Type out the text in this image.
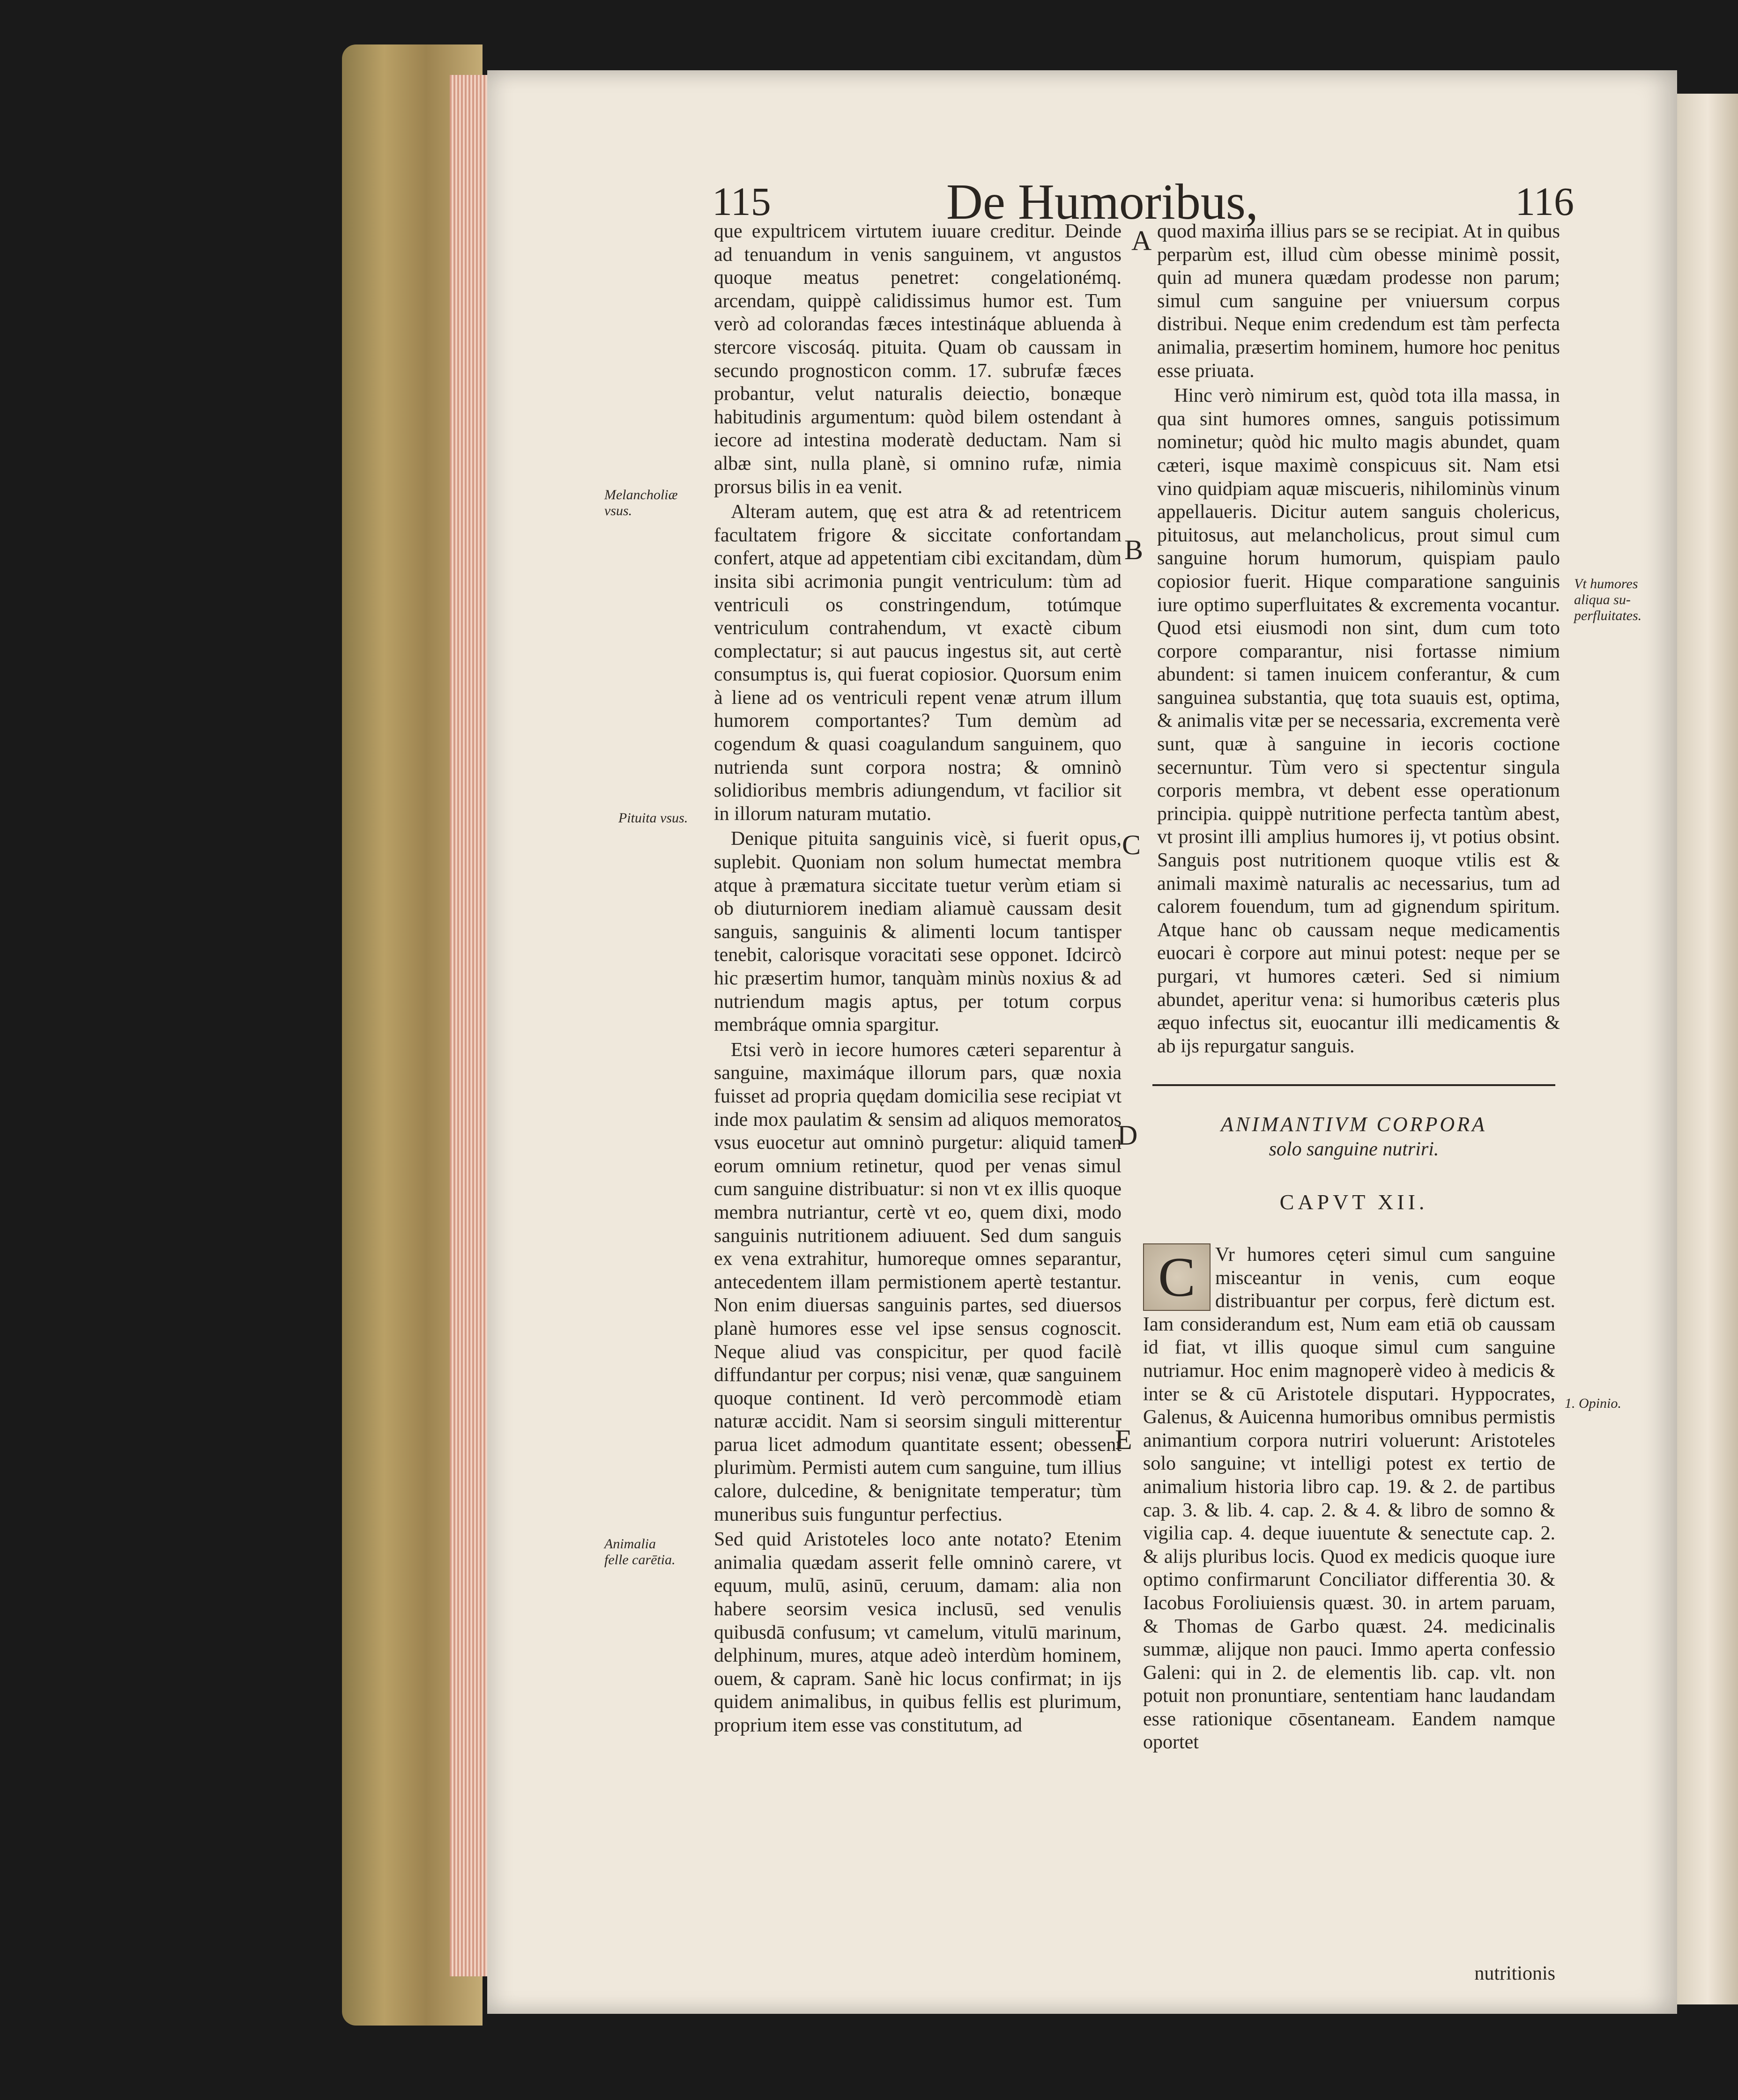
115	De Humoribus,	116

que expultricem virtutem iuuare creditur. Deinde ad tenuandum in venis sanguinem, vt angustos quoque meatus penetret: congelationémq. arcendam, quippè calidissimus humor est. Tum verò ad colorandas fæces intestináque abluenda à stercore viscosáq. pituita. Quam ob caussam in secundo prognosticon comm. 17. subrufæ fæces probantur, velut naturalis deiectio, bonæque habitudinis argumentum: quòd bilem ostendant à iecore ad intestina moderatè deductam. Nam si albæ sint, nulla planè, si omnino rufæ, nimia prorsus bilis in ea venit.

Alteram autem, quę est atra & ad retentricem facultatem frigore & siccitate confortandam confert, atque ad appetentiam cibi excitandam, dùm insita sibi acrimonia pungit ventriculum: tùm ad ventriculi os constringendum, totúmque ventriculum contrahendum, vt exactè cibum complectatur; si aut paucus ingestus sit, aut certè consumptus is, qui fuerat copiosior. Quorsum enim à liene ad os ventriculi repent venæ atrum illum humorem comportantes? Tum demùm ad cogendum & quasi coagulandum sanguinem, quo nutrienda sunt corpora nostra; & omninò solidioribus membris adiungendum, vt facilior sit in illorum naturam mutatio.

Denique pituita sanguinis vicè, si fuerit opus, suplebit. Quoniam non solum humectat membra atque à præmatura siccitate tuetur verùm etiam si ob diuturniorem inediam aliamuè caussam desit sanguis, sanguinis & alimenti locum tantisper tenebit, calorisque voracitati sese opponet. Idcircò hic præsertim humor, tanquàm minùs noxius & ad nutriendum magis aptus, per totum corpus membráque omnia spargitur.

Etsi verò in iecore humores cæteri separentur à sanguine, maximáque illorum pars, quæ noxia fuisset ad propria quędam domicilia sese recipiat vt inde mox paulatim & sensim ad aliquos memoratos vsus euocetur aut omninò purgetur: aliquid tamen eorum omnium retinetur, quod per venas simul cum sanguine distribuatur: si non vt ex illis quoque membra nutriantur, certè vt eo, quem dixi, modo sanguinis nutritionem adiuuent. Sed dum sanguis ex vena extrahitur, humoreque omnes separantur, antecedentem illam permistionem apertè testantur. Non enim diuersas sanguinis partes, sed diuersos planè humores esse vel ipse sensus cognoscit. Neque aliud vas conspicitur, per quod facilè diffundantur per corpus; nisi venæ, quæ sanguinem quoque continent. Id verò percommodè etiam naturæ accidit. Nam si seorsim singuli mitterentur parua licet admodum quantitate essent; obessent plurimùm. Permisti autem cum sanguine, tum illius calore, dulcedine, & benignitate temperatur; tùm muneribus suis funguntur perfectius.

Sed quid Aristoteles loco ante notato? Etenim animalia quædam asserit felle omninò carere, vt equum, mulū, asinū, ceruum, damam: alia non habere seorsim vesica inclusū, sed venulis quibusdā confusum; vt camelum, vitulū marinum, delphinum, mures, atque adeò interdùm hominem, ouem, & capram. Sanè hic locus confirmat; in ijs quidem animalibus, in quibus fellis est plurimum, proprium item esse vas constitutum, ad

quod maxima illius pars se se recipiat. At in quibus perparùm est, illud cùm obesse minimè possit, quin ad munera quædam prodesse non parum; simul cum sanguine per vniuersum corpus distribui. Neque enim credendum est tàm perfecta animalia, præsertim hominem, humore hoc penitus esse priuata.

Hinc verò nimirum est, quòd tota illa massa, in qua sint humores omnes, sanguis potissimum nominetur; quòd hic multo magis abundet, quam cæteri, isque maximè conspicuus sit. Nam etsi vino quidpiam aquæ miscueris, nihilominùs vinum appellaueris. Dicitur autem sanguis cholericus, pituitosus, aut melancholicus, prout simul cum sanguine horum humorum, quispiam paulo copiosior fuerit. Hique comparatione sanguinis iure optimo superfluitates & excrementa vocantur. Quod etsi eiusmodi non sint, dum cum toto corpore comparantur, nisi fortasse nimium abundent: si tamen inuicem conferantur, & cum sanguinea substantia, quę tota suauis est, optima, & animalis vitæ per se necessaria, excrementa verè sunt, quæ à sanguine in iecoris coctione secernuntur. Tùm vero si spectentur singula corporis membra, vt debent esse operationum principia. quippè nutritione perfecta tantùm abest, vt prosint illi amplius humores ij, vt potius obsint. Sanguis post nutritionem quoque vtilis est & animali maximè naturalis ac necessarius, tum ad calorem fouendum, tum ad gignendum spiritum. Atque hanc ob caussam neque medicamentis euocari è corpore aut minui potest: neque per se purgari, vt humores cæteri. Sed si nimium abundet, aperitur vena: si humoribus cæteris plus æquo infectus sit, euocantur illi medicamentis & ab ijs repurgatur sanguis.

ANIMANTIVM CORPORA
solo sanguine nutriri.
CAPVT XII.
C Vr humores cęteri simul cum sanguine misceantur in venis, cum eoque distribuantur per corpus, ferè dictum est. Iam considerandum est, Num eam etiā ob caussam id fiat, vt illis quoque simul cum sanguine nutriamur. Hoc enim magnoperè video à medicis & inter se & cū Aristotele disputari. Hyppocrates, Galenus, & Auicenna humoribus omnibus permistis animantium corpora nutriri voluerunt: Aristoteles solo sanguine; vt intelligi potest ex tertio de animalium historia libro cap. 19. & 2. de partibus cap. 3. & lib. 4. cap. 2. & 4. & libro de somno & vigilia cap. 4. deque iuuentute & senectute cap. 2. & alijs pluribus locis. Quod ex medicis quoque iure optimo confirmarunt Conciliator differentia 30. & Iacobus Foroliuiensis quæst. 30. in artem paruam, & Thomas de Garbo quæst. 24. medicinalis summæ, alijque non pauci. Immo aperta confessio Galeni: qui in 2. de elementis lib. cap. vlt. non potuit non pronuntiare, sententiam hanc laudandam esse rationique cōsentaneam. Eandem namque oportet
nutritionis
Melancholiæ
vsus.
Pituita vsus.
Animalia
felle carētia.
Vt humores
aliqua su-
perfluitates.
1. Opinio.
A
B
C
D
E
